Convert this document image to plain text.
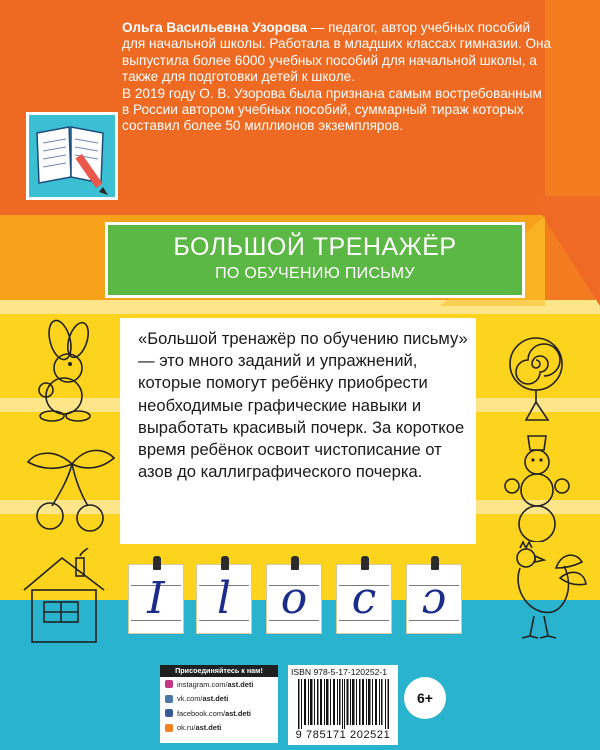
Ольга Васильевна Узорова — педагог, автор учебных пособий для начальной школы. Работала в младших классах гимназии. Она выпустила более 6000 учебных пособий для начальной школы, а также для подготовки детей к школе.

В 2019 году О. В. Узорова была признана самым востребованным в России автором учебных пособий, суммарный тираж которых составил более 50 миллионов экземпляров.

БОЛЬШОЙ ТРЕНАЖЁР
ПО ОБУЧЕНИЮ ПИСЬМУ
«Большой тренажёр по обучению письму» — это много заданий и упражнений, которые помогут ребёнку приобрести необходимые графические навыки и выработать красивый почерк. За короткое время ребёнок освоит чистописание от азов до каллиграфического почерка.
I	l	o	c	ɔ
Присоединяйтесь к нам!
instagram.com/ ast.deti
vk.com/ ast.deti
facebook.com/ ast.deti
ok.ru/ ast.deti
ISBN 978-5-17-120252-1
9 785171 202521
6+
